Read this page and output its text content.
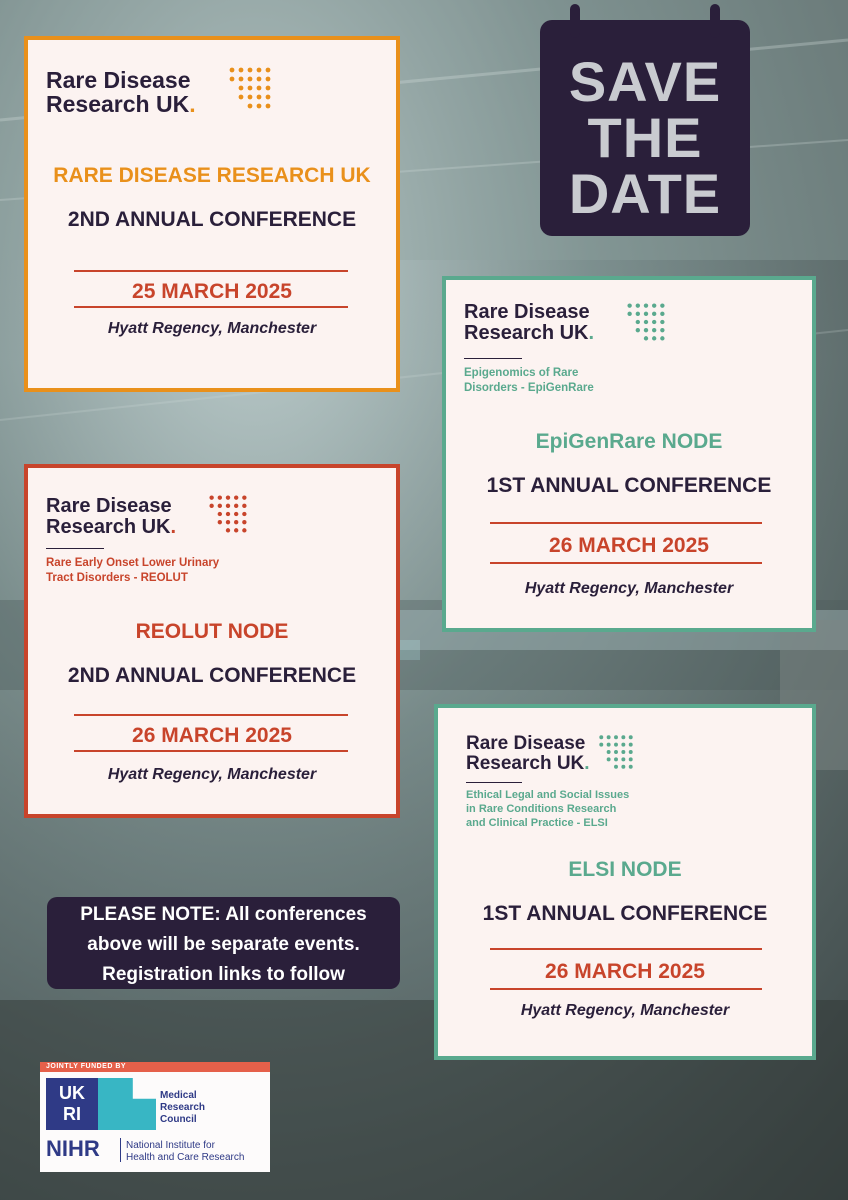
SAVE
THE
DATE
Rare Disease
Research UK.
RARE DISEASE RESEARCH UK
2ND ANNUAL CONFERENCE
25 MARCH 2025
Hyatt Regency, Manchester
Rare Disease
Research UK.
Epigenomics of Rare
Disorders - EpiGenRare
EpiGenRare NODE
1ST ANNUAL CONFERENCE
26 MARCH 2025
Hyatt Regency, Manchester
Rare Disease
Research UK.
Rare Early Onset Lower Urinary
Tract Disorders - REOLUT
REOLUT NODE
2ND ANNUAL CONFERENCE
26 MARCH 2025
Hyatt Regency, Manchester
Rare Disease
Research UK.
Ethical Legal and Social Issues
in Rare Conditions Research
and Clinical Practice - ELSI
ELSI NODE
1ST ANNUAL CONFERENCE
26 MARCH 2025
Hyatt Regency, Manchester
PLEASE NOTE: All conferences
above will be separate events.
Registration links to follow
JOINTLY FUNDED BY
UK
RI
Medical
Research
Council
NIHR	National Institute for
Health and Care Research
